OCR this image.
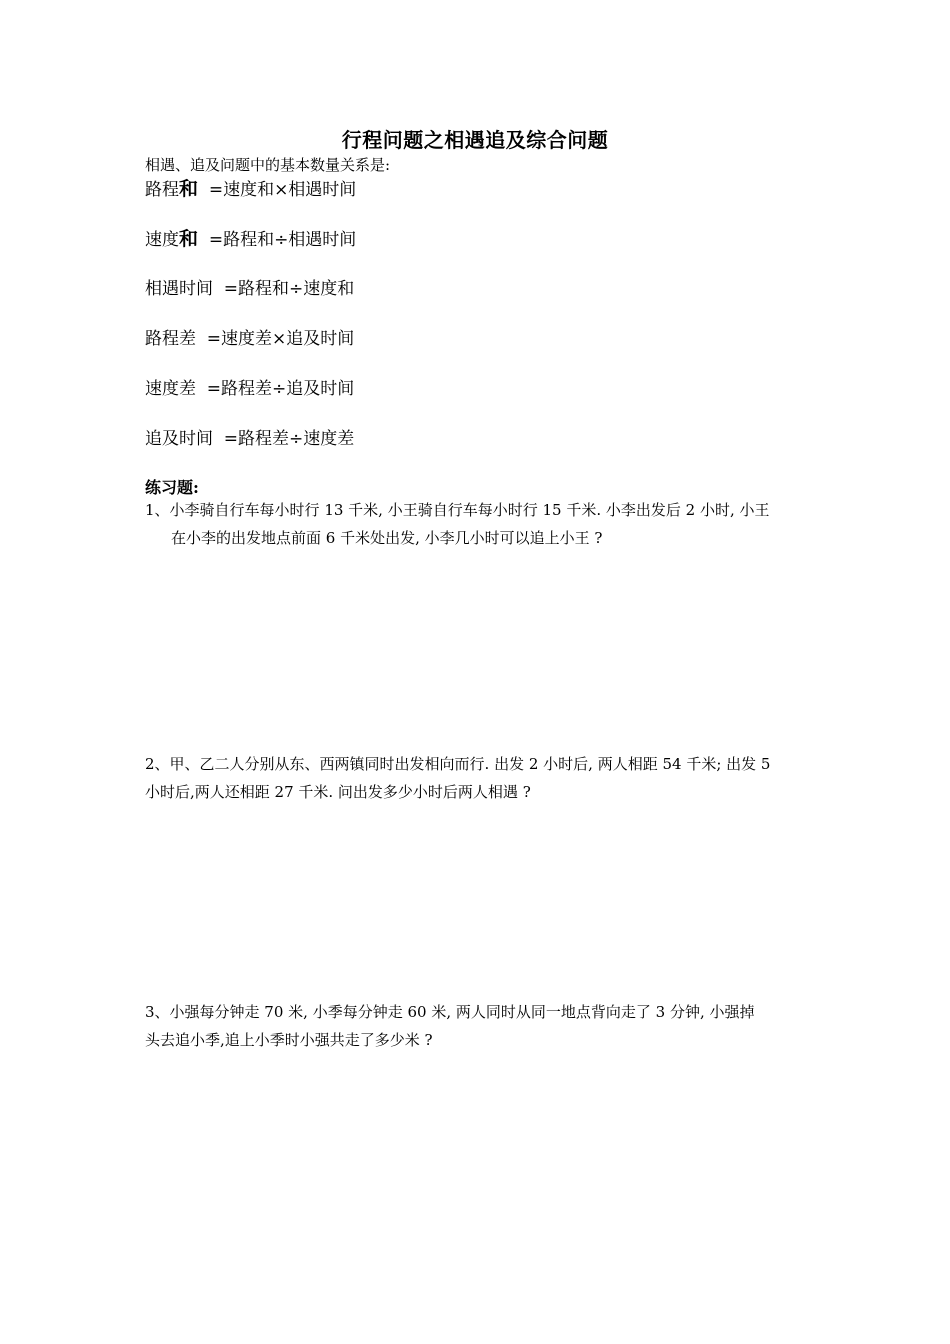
行程问题之相遇追及综合问题
相遇、追及问题中的基本数量关系是:
路程和  =速度和×相遇时间
速度和  =路程和÷相遇时间
相遇时间  =路程和÷速度和
路程差  =速度差×追及时间
速度差  =路程差÷追及时间
追及时间  =路程差÷速度差
练习题:
1、小李骑自行车每小时行 13 千米, 小王骑自行车每小时行 15 千米. 小李出发后 2 小时, 小王
在小李的出发地点前面 6 千米处出发, 小李几小时可以追上小王 ?
2、甲、乙二人分别从东、西两镇同时出发相向而行. 出发 2 小时后, 两人相距 54 千米; 出发 5
小时后,两人还相距 27 千米. 问出发多少小时后两人相遇 ?
3、小强每分钟走 70 米, 小季每分钟走 60 米, 两人同时从同一地点背向走了 3 分钟, 小强掉
头去追小季,追上小季时小强共走了多少米 ?
